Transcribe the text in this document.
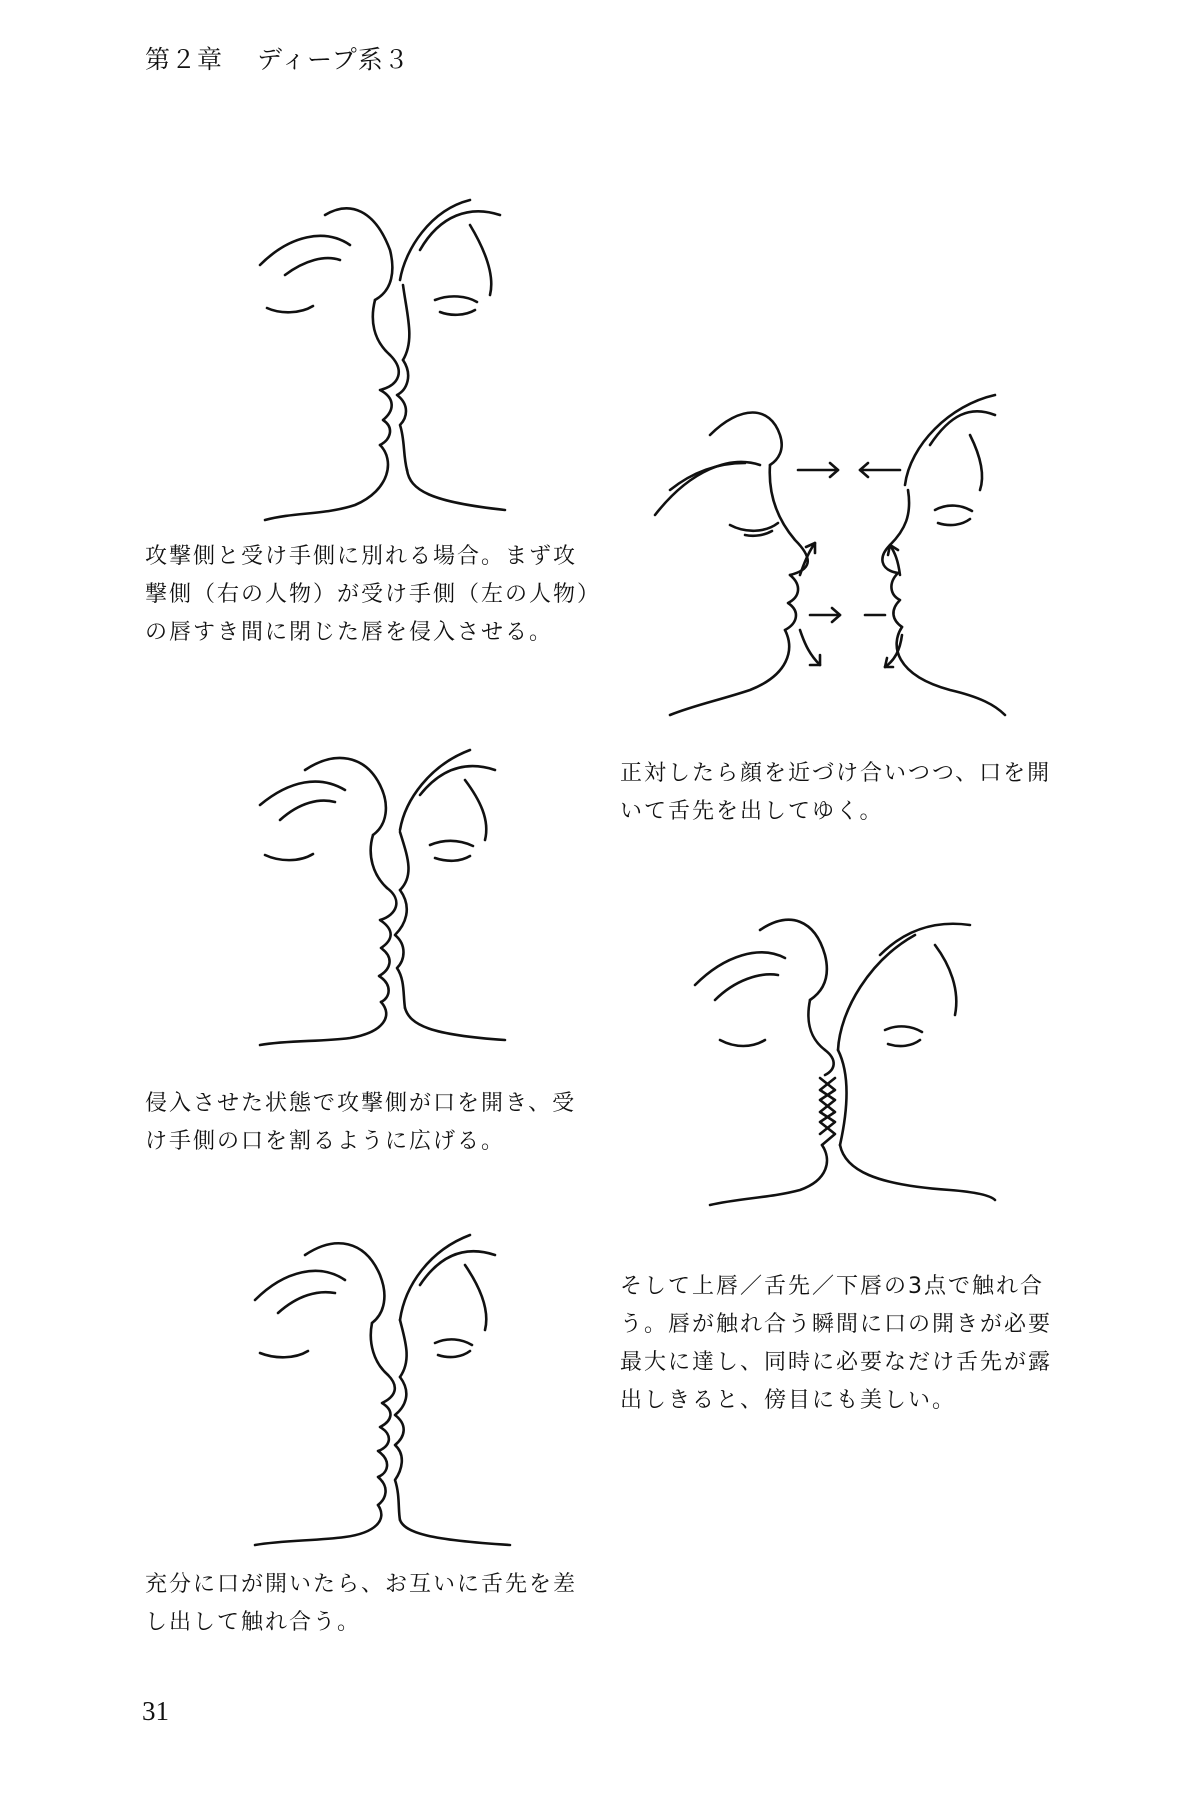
第２章 ディープ系３
攻撃側と受け手側に別れる場合。まず攻
撃側（右の人物）が受け手側（左の人物）
の唇すき間に閉じた唇を侵入させる。
正対したら顔を近づけ合いつつ、口を開
いて舌先を出してゆく。
侵入させた状態で攻撃側が口を開き、受
け手側の口を割るように広げる。
そして上唇／舌先／下唇の3点で触れ合
う。唇が触れ合う瞬間に口の開きが必要
最大に達し、同時に必要なだけ舌先が露
出しきると、傍目にも美しい。
充分に口が開いたら、お互いに舌先を差
し出して触れ合う。
31
